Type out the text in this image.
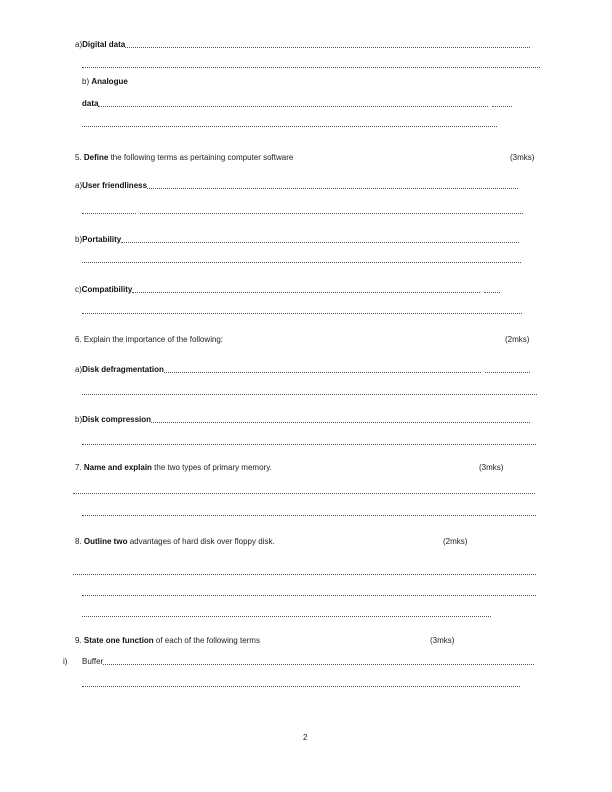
a) Digital data
b) Analogue
data
5. Define the following terms as pertaining computer software	(3mks)
a) User friendliness
b) Portability
c) Compatibility
6. Explain the importance of the following:	(2mks)
a) Disk defragmentation
b) Disk compression
7. Name and explain the two types of primary memory.	(3mks)
8. Outline two advantages of hard disk over floppy disk.	(2mks)
9. State one function of each of the following terms	(3mks)
i) Buffer
2
